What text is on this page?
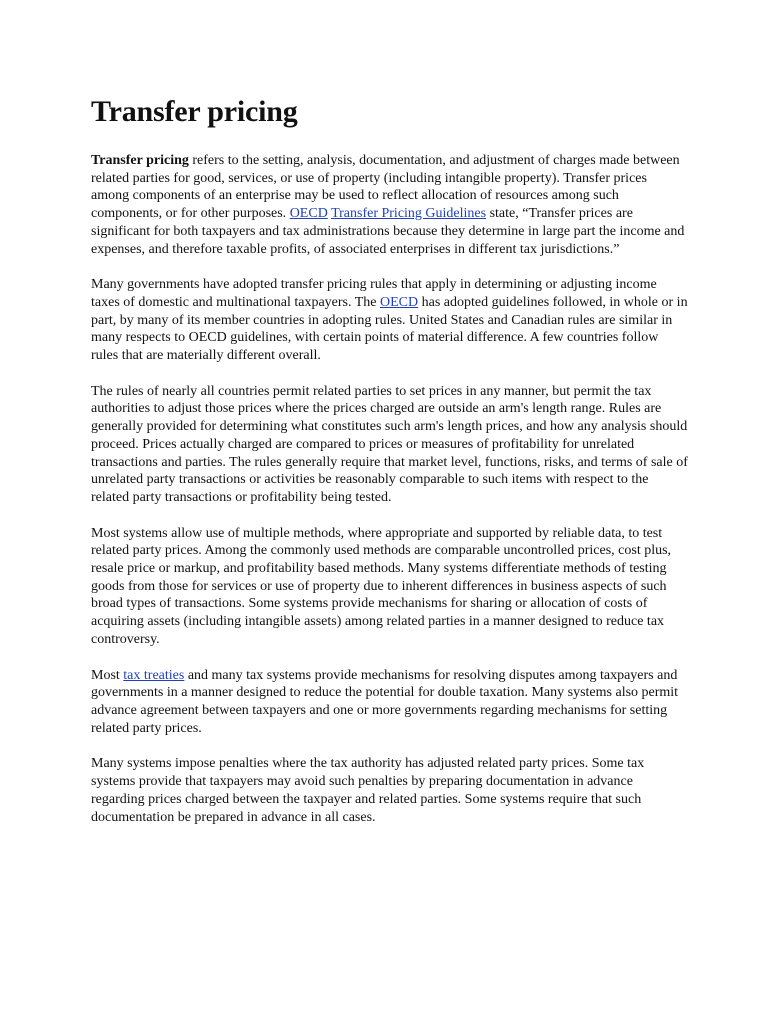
Transfer pricing

Transfer pricing refers to the setting, analysis, documentation, and adjustment of charges made between related parties for good, services, or use of property (including intangible property). Transfer prices among components of an enterprise may be used to reflect allocation of resources among such components, or for other purposes. OECD Transfer Pricing Guidelines state, “Transfer prices are significant for both taxpayers and tax administrations because they determine in large part the income and expenses, and therefore taxable profits, of associated enterprises in different tax jurisdictions.”

Many governments have adopted transfer pricing rules that apply in determining or adjusting income taxes of domestic and multinational taxpayers. The OECD has adopted guidelines followed, in whole or in part, by many of its member countries in adopting rules. United States and Canadian rules are similar in many respects to OECD guidelines, with certain points of material difference. A few countries follow rules that are materially different overall.

The rules of nearly all countries permit related parties to set prices in any manner, but permit the tax authorities to adjust those prices where the prices charged are outside an arm's length range. Rules are generally provided for determining what constitutes such arm's length prices, and how any analysis should proceed. Prices actually charged are compared to prices or measures of profitability for unrelated transactions and parties. The rules generally require that market level, functions, risks, and terms of sale of unrelated party transactions or activities be reasonably comparable to such items with respect to the related party transactions or profitability being tested.

Most systems allow use of multiple methods, where appropriate and supported by reliable data, to test related party prices. Among the commonly used methods are comparable uncontrolled prices, cost plus, resale price or markup, and profitability based methods. Many systems differentiate methods of testing goods from those for services or use of property due to inherent differences in business aspects of such broad types of transactions. Some systems provide mechanisms for sharing or allocation of costs of acquiring assets (including intangible assets) among related parties in a manner designed to reduce tax controversy.

Most tax treaties and many tax systems provide mechanisms for resolving disputes among taxpayers and governments in a manner designed to reduce the potential for double taxation. Many systems also permit advance agreement between taxpayers and one or more governments regarding mechanisms for setting related party prices.

Many systems impose penalties where the tax authority has adjusted related party prices. Some tax systems provide that taxpayers may avoid such penalties by preparing documentation in advance regarding prices charged between the taxpayer and related parties. Some systems require that such documentation be prepared in advance in all cases.
